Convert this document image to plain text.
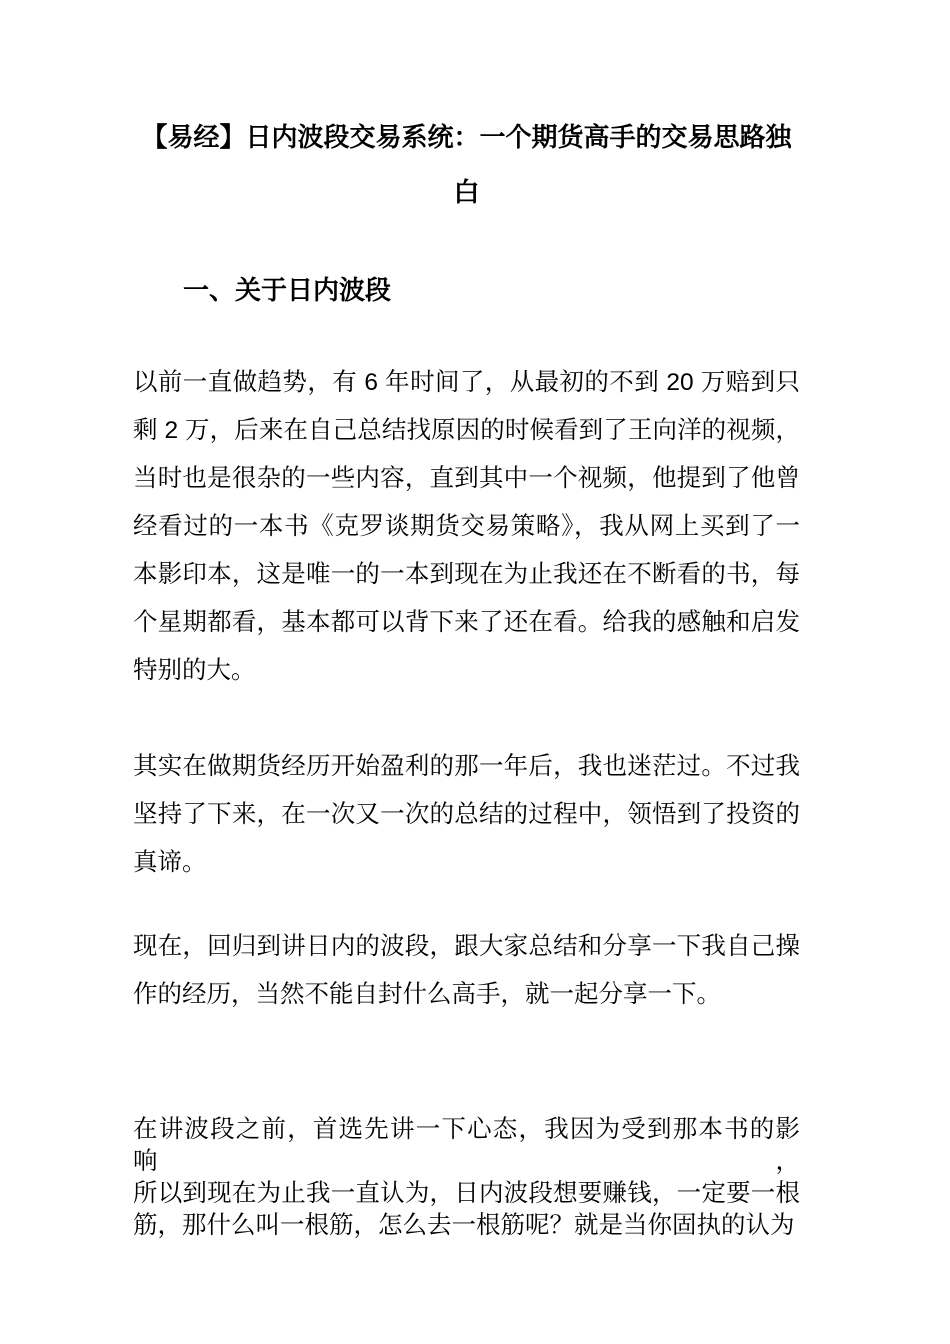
【易经】日内波段交易系统：一个期货高手的交易思路独
白
一、关于日内波段
以前一直做趋势，有 6 年时间了，从最初的不到 20 万赔到只
剩 2 万，后来在自己总结找原因的时候看到了王向洋的视频，
当时也是很杂的一些内容，直到其中一个视频，他提到了他曾
经看过的一本书《克罗谈期货交易策略》，我从网上买到了一
本影印本，这是唯一的一本到现在为止我还在不断看的书，每
个星期都看，基本都可以背下来了还在看。给我的感触和启发
特别的大。
其实在做期货经历开始盈利的那一年后，我也迷茫过。不过我
坚持了下来，在一次又一次的总结的过程中，领悟到了投资的
真谛。
现在，回归到讲日内的波段，跟大家总结和分享一下我自己操
作的经历，当然不能自封什么高手，就一起分享一下。
在讲波段之前，首选先讲一下心态，我因为受到那本书的影响，
所以到现在为止我一直认为，日内波段想要赚钱，一定要一根
筋，那什么叫一根筋，怎么去一根筋呢？就是当你固执的认为
